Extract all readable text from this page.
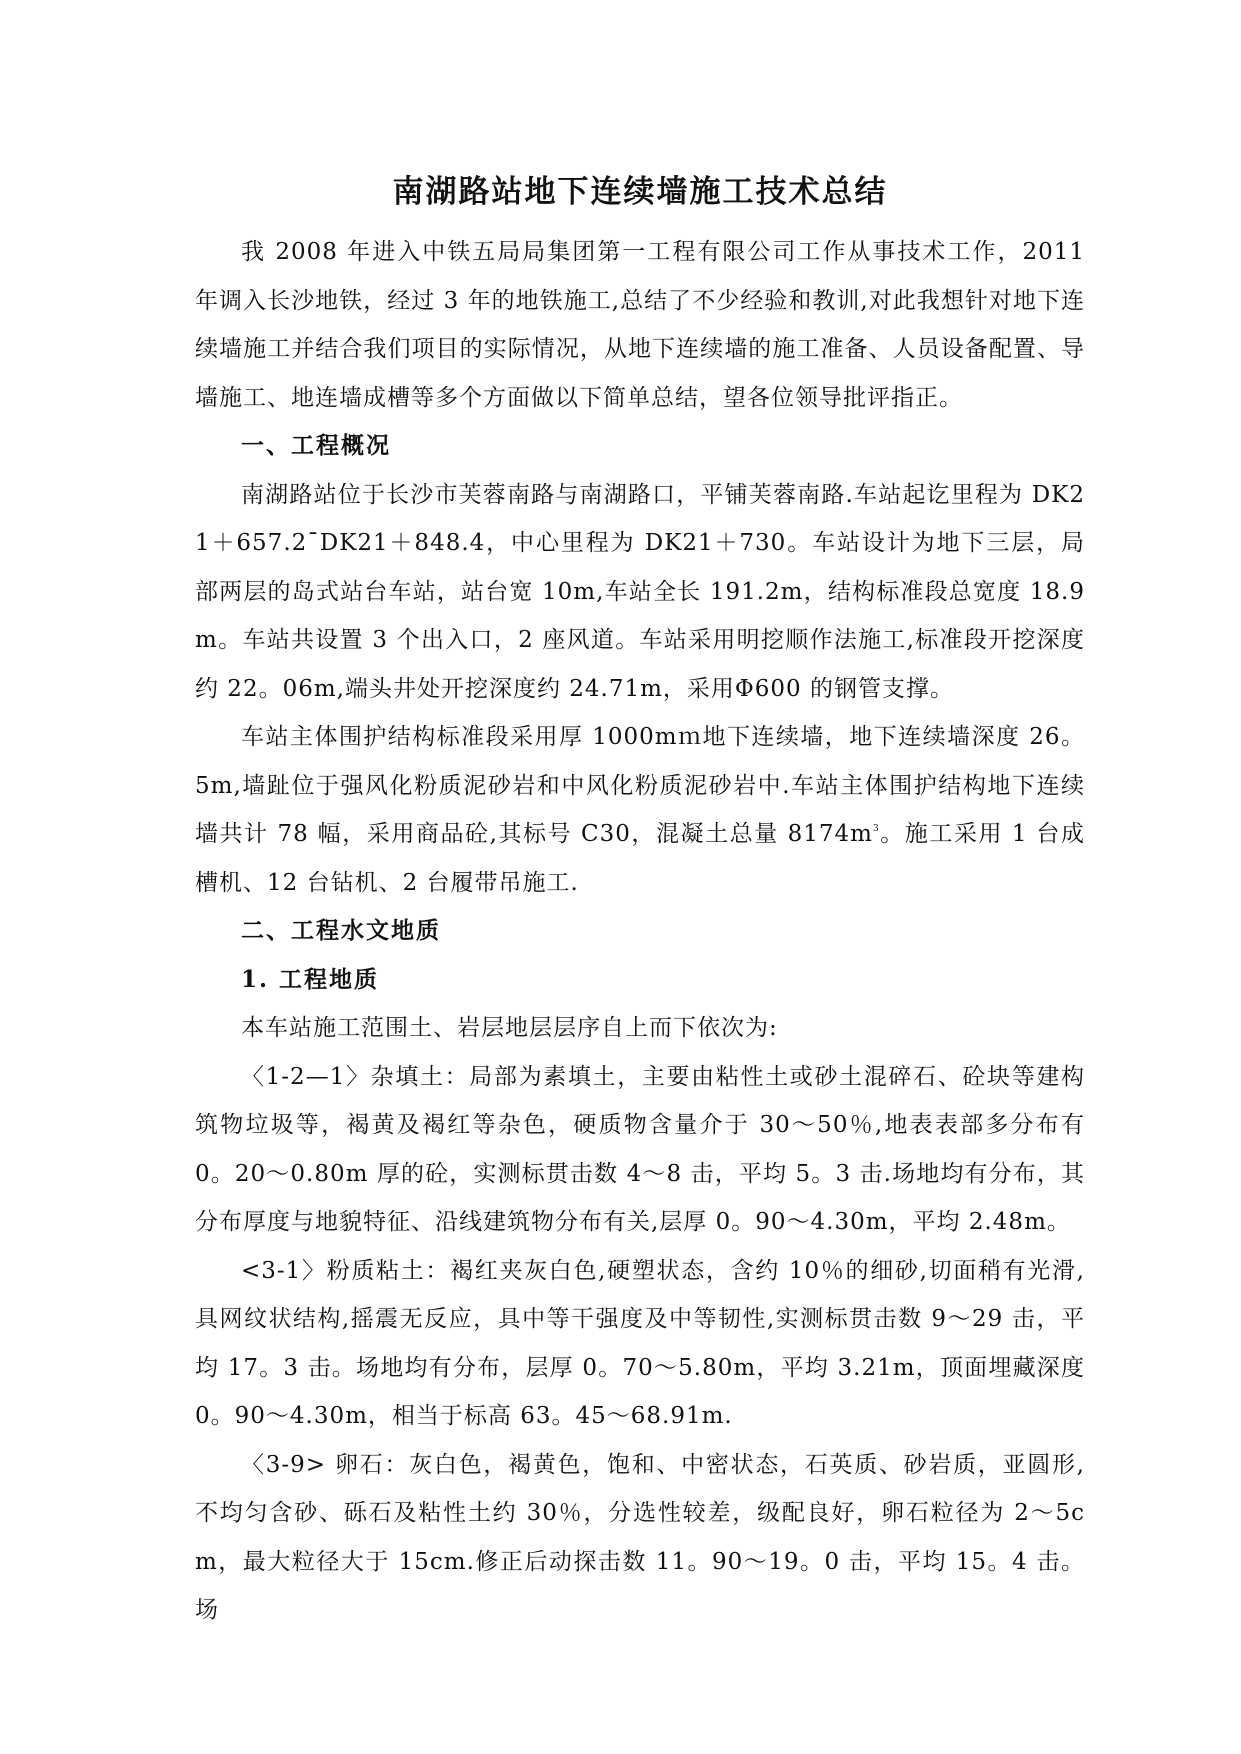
南湖路站地下连续墙施工技术总结

我 2008 年进入中铁五局局集团第一工程有限公司工作从事技术工作，2011 年调入长沙地铁，经过 3 年的地铁施工,总结了不少经验和教训,对此我想针对地下连续墙施工并结合我们项目的实际情况，从地下连续墙的施工准备、人员设备配置、导墙施工、地连墙成槽等多个方面做以下简单总结，望各位领导批评指正。

一、工程概况

南湖路站位于长沙市芙蓉南路与南湖路口，平铺芙蓉南路.车站起讫里程为 DK21＋657.2¯DK21＋848.4，中心里程为 DK21＋730。车站设计为地下三层，局部两层的岛式站台车站，站台宽 10m,车站全长 191.2m，结构标准段总宽度 18.9m。车站共设置 3 个出入口，2 座风道。车站采用明挖顺作法施工,标准段开挖深度约 22。06m,端头井处开挖深度约 24.71m，采用Φ600 的钢管支撑。

车站主体围护结构标准段采用厚 1000mｍ地下连续墙，地下连续墙深度 26。5m,墙趾位于强风化粉质泥砂岩和中风化粉质泥砂岩中.车站主体围护结构地下连续墙共计 78 幅，采用商品砼,其标号 C30，混凝土总量 $8174m^3$。施工采用 1 台成槽机、12 台钻机、2 台履带吊施工.

二、工程水文地质

1. 工程地质

本车站施工范围土、岩层地层层序自上而下依次为:

〈1-2—1〉杂填土：局部为素填土，主要由粘性土或砂土混碎石、砼块等建构筑物垃圾等，褐黄及褐红等杂色，硬质物含量介于 30～50％,地表表部多分布有 0。20～0.80m 厚的砼，实测标贯击数 4～8 击，平均 5。3 击.场地均有分布，其分布厚度与地貌特征、沿线建筑物分布有关,层厚 0。90～4.30m，平均 2.48m。

<3-1〉粉质粘土：褐红夹灰白色,硬塑状态，含约 10％的细砂,切面稍有光滑,具网纹状结构,摇震无反应，具中等干强度及中等韧性,实测标贯击数 9～29 击，平均 17。3 击。场地均有分布，层厚 0。70～5.80m，平均 3.21m，顶面埋藏深度 0。90～4.30m，相当于标高 63。45～68.91m.

〈3-9> 卵石：灰白色，褐黄色，饱和、中密状态，石英质、砂岩质，亚圆形,不均匀含砂、砾石及粘性土约 30％，分选性较差，级配良好，卵石粒径为 2～5cm，最大粒径大于 15cm.修正后动探击数 11。90～19。0 击，平均 15。4 击。场
